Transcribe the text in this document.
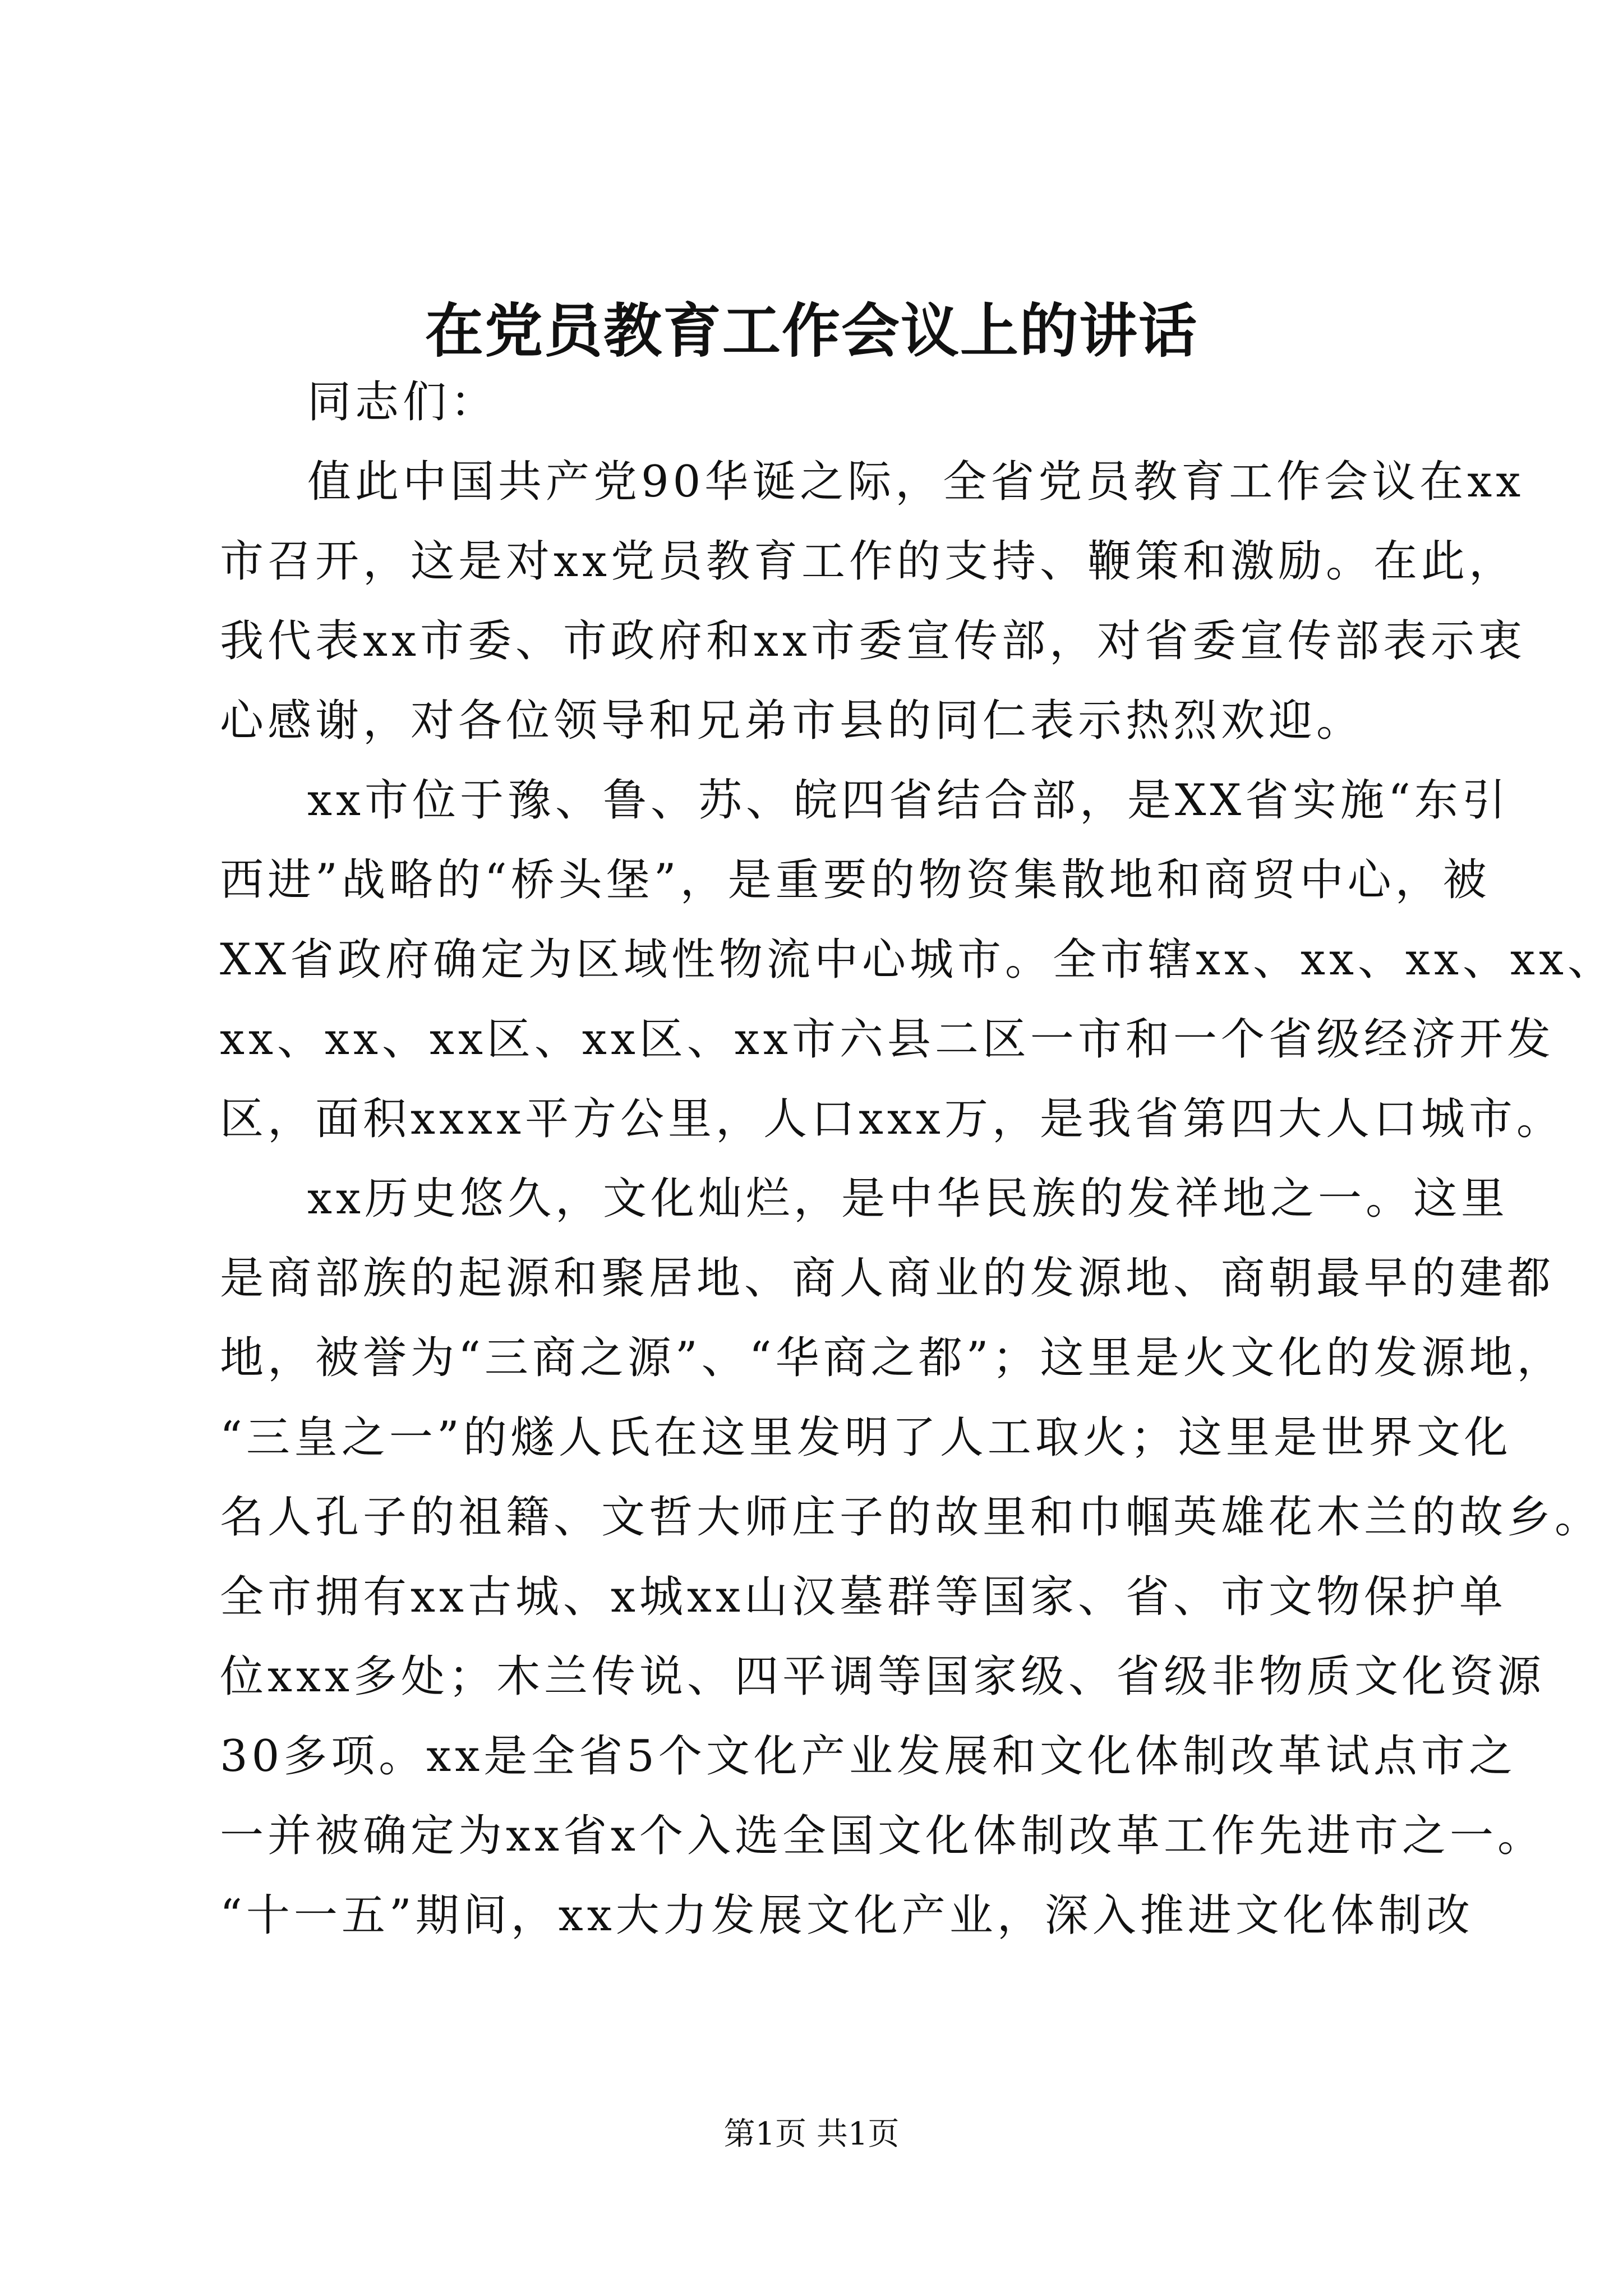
在党员教育工作会议上的讲话
同志们：
值此中国共产党90华诞之际，全省党员教育工作会议在xx
市召开，这是对xx党员教育工作的支持、鞭策和激励。在此，
我代表xx市委、市政府和xx市委宣传部，对省委宣传部表示衷
心感谢，对各位领导和兄弟市县的同仁表示热烈欢迎。
xx市位于豫、鲁、苏、皖四省结合部，是XX省实施“东引
西进”战略的“桥头堡”，是重要的物资集散地和商贸中心，被
XX省政府确定为区域性物流中心城市。全市辖xx、xx、xx、xx、
xx、xx、xx区、xx区、xx市六县二区一市和一个省级经济开发
区，面积xxxx平方公里，人口xxx万，是我省第四大人口城市。
xx历史悠久，文化灿烂，是中华民族的发祥地之一。这里
是商部族的起源和聚居地、商人商业的发源地、商朝最早的建都
地，被誉为“三商之源”、“华商之都”；这里是火文化的发源地，
“三皇之一”的燧人氏在这里发明了人工取火；这里是世界文化
名人孔子的祖籍、文哲大师庄子的故里和巾帼英雄花木兰的故乡。
全市拥有xx古城、x城xx山汉墓群等国家、省、市文物保护单
位xxx多处；木兰传说、四平调等国家级、省级非物质文化资源
30多项。xx是全省5个文化产业发展和文化体制改革试点市之
一并被确定为xx省x个入选全国文化体制改革工作先进市之一。
“十一五”期间，xx大力发展文化产业，深入推进文化体制改
第1页 共1页
